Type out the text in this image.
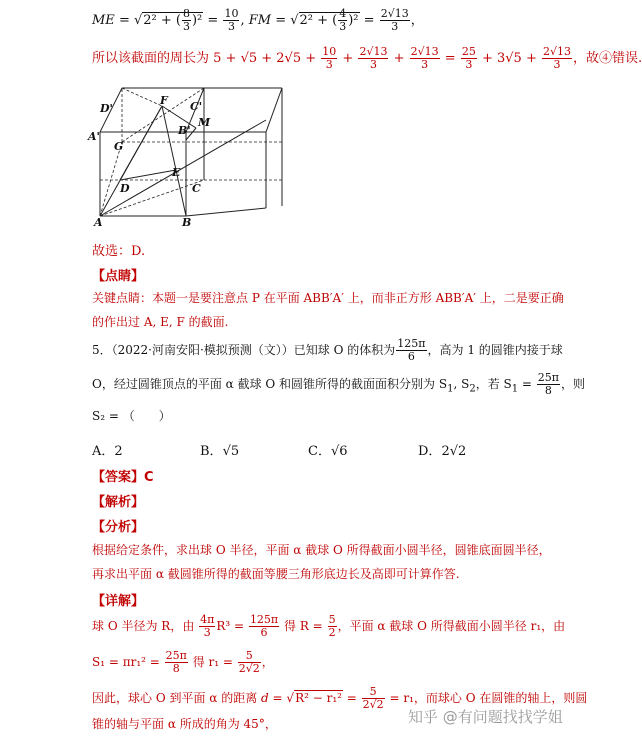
ME = √2² + ( $\frac{8}{3} )^2 = \frac{10}{3}$ , FM = √2² + ( $\frac{4}{3} )^2 = \frac{2√13}{3}$ ，
所以该截面的周长为 $5 + √5 + 2√5 + \frac{10}{3} + \frac{2√13}{3} + \frac{2√13}{3} = \frac{25}{3} + 3√5 + \frac{2√13}{3}$ ，故④错误.
D'
F C'
B'
M
A'
G
E
D	C
A	B
故选：D.
【点睛】
关键点睛：本题一是要注意点 P 在平面 ABB′A′ 上，而非正方形 ABB′A′ 上，二是要正确
的作出过 A, E, F 的截面.
5．（2022·河南安阳·模拟预测（文））已知球 O 的体积为 $\frac{125\pi}{6}$ ，高为 1 的圆锥内接于球
O，经过圆锥顶点的平面 α 截球 O 和圆锥所得的截面面积分别为 $S_1$, $S_2$，若 $S_1 = \frac{25\pi}{8}$ ，则
S₂ = （　　）
A．2	B．√5	C．√6	D．2√2
【答案】C
【解析】
【分析】
根据给定条件，求出球 O 半径，平面 α 截球 O 所得截面小圆半径，圆锥底面圆半径，
再求出平面 α 截圆锥所得的截面等腰三角形底边长及高即可计算作答.
【详解】
球 O 半径为 R，由 $\frac{4\pi}{3} R^3 = \frac{125\pi}{6}$ 得 $R = \frac{5}{2}$ ，平面 α 截球 O 所得截面小圆半径 r₁，由
$S_1 = \pi r_1^2 = \frac{25\pi}{8}$ 得 $r_1 = \frac{5}{2√2}$ ，
因此，球心 O 到平面 α 的距离 $d = √R^2 - r_1^2 = \frac{5}{2√2} = r_1$，而球心 O 在圆锥的轴上，则圆
锥的轴与平面 α 所成的角为 45°，	知乎 @有问题找找学姐
